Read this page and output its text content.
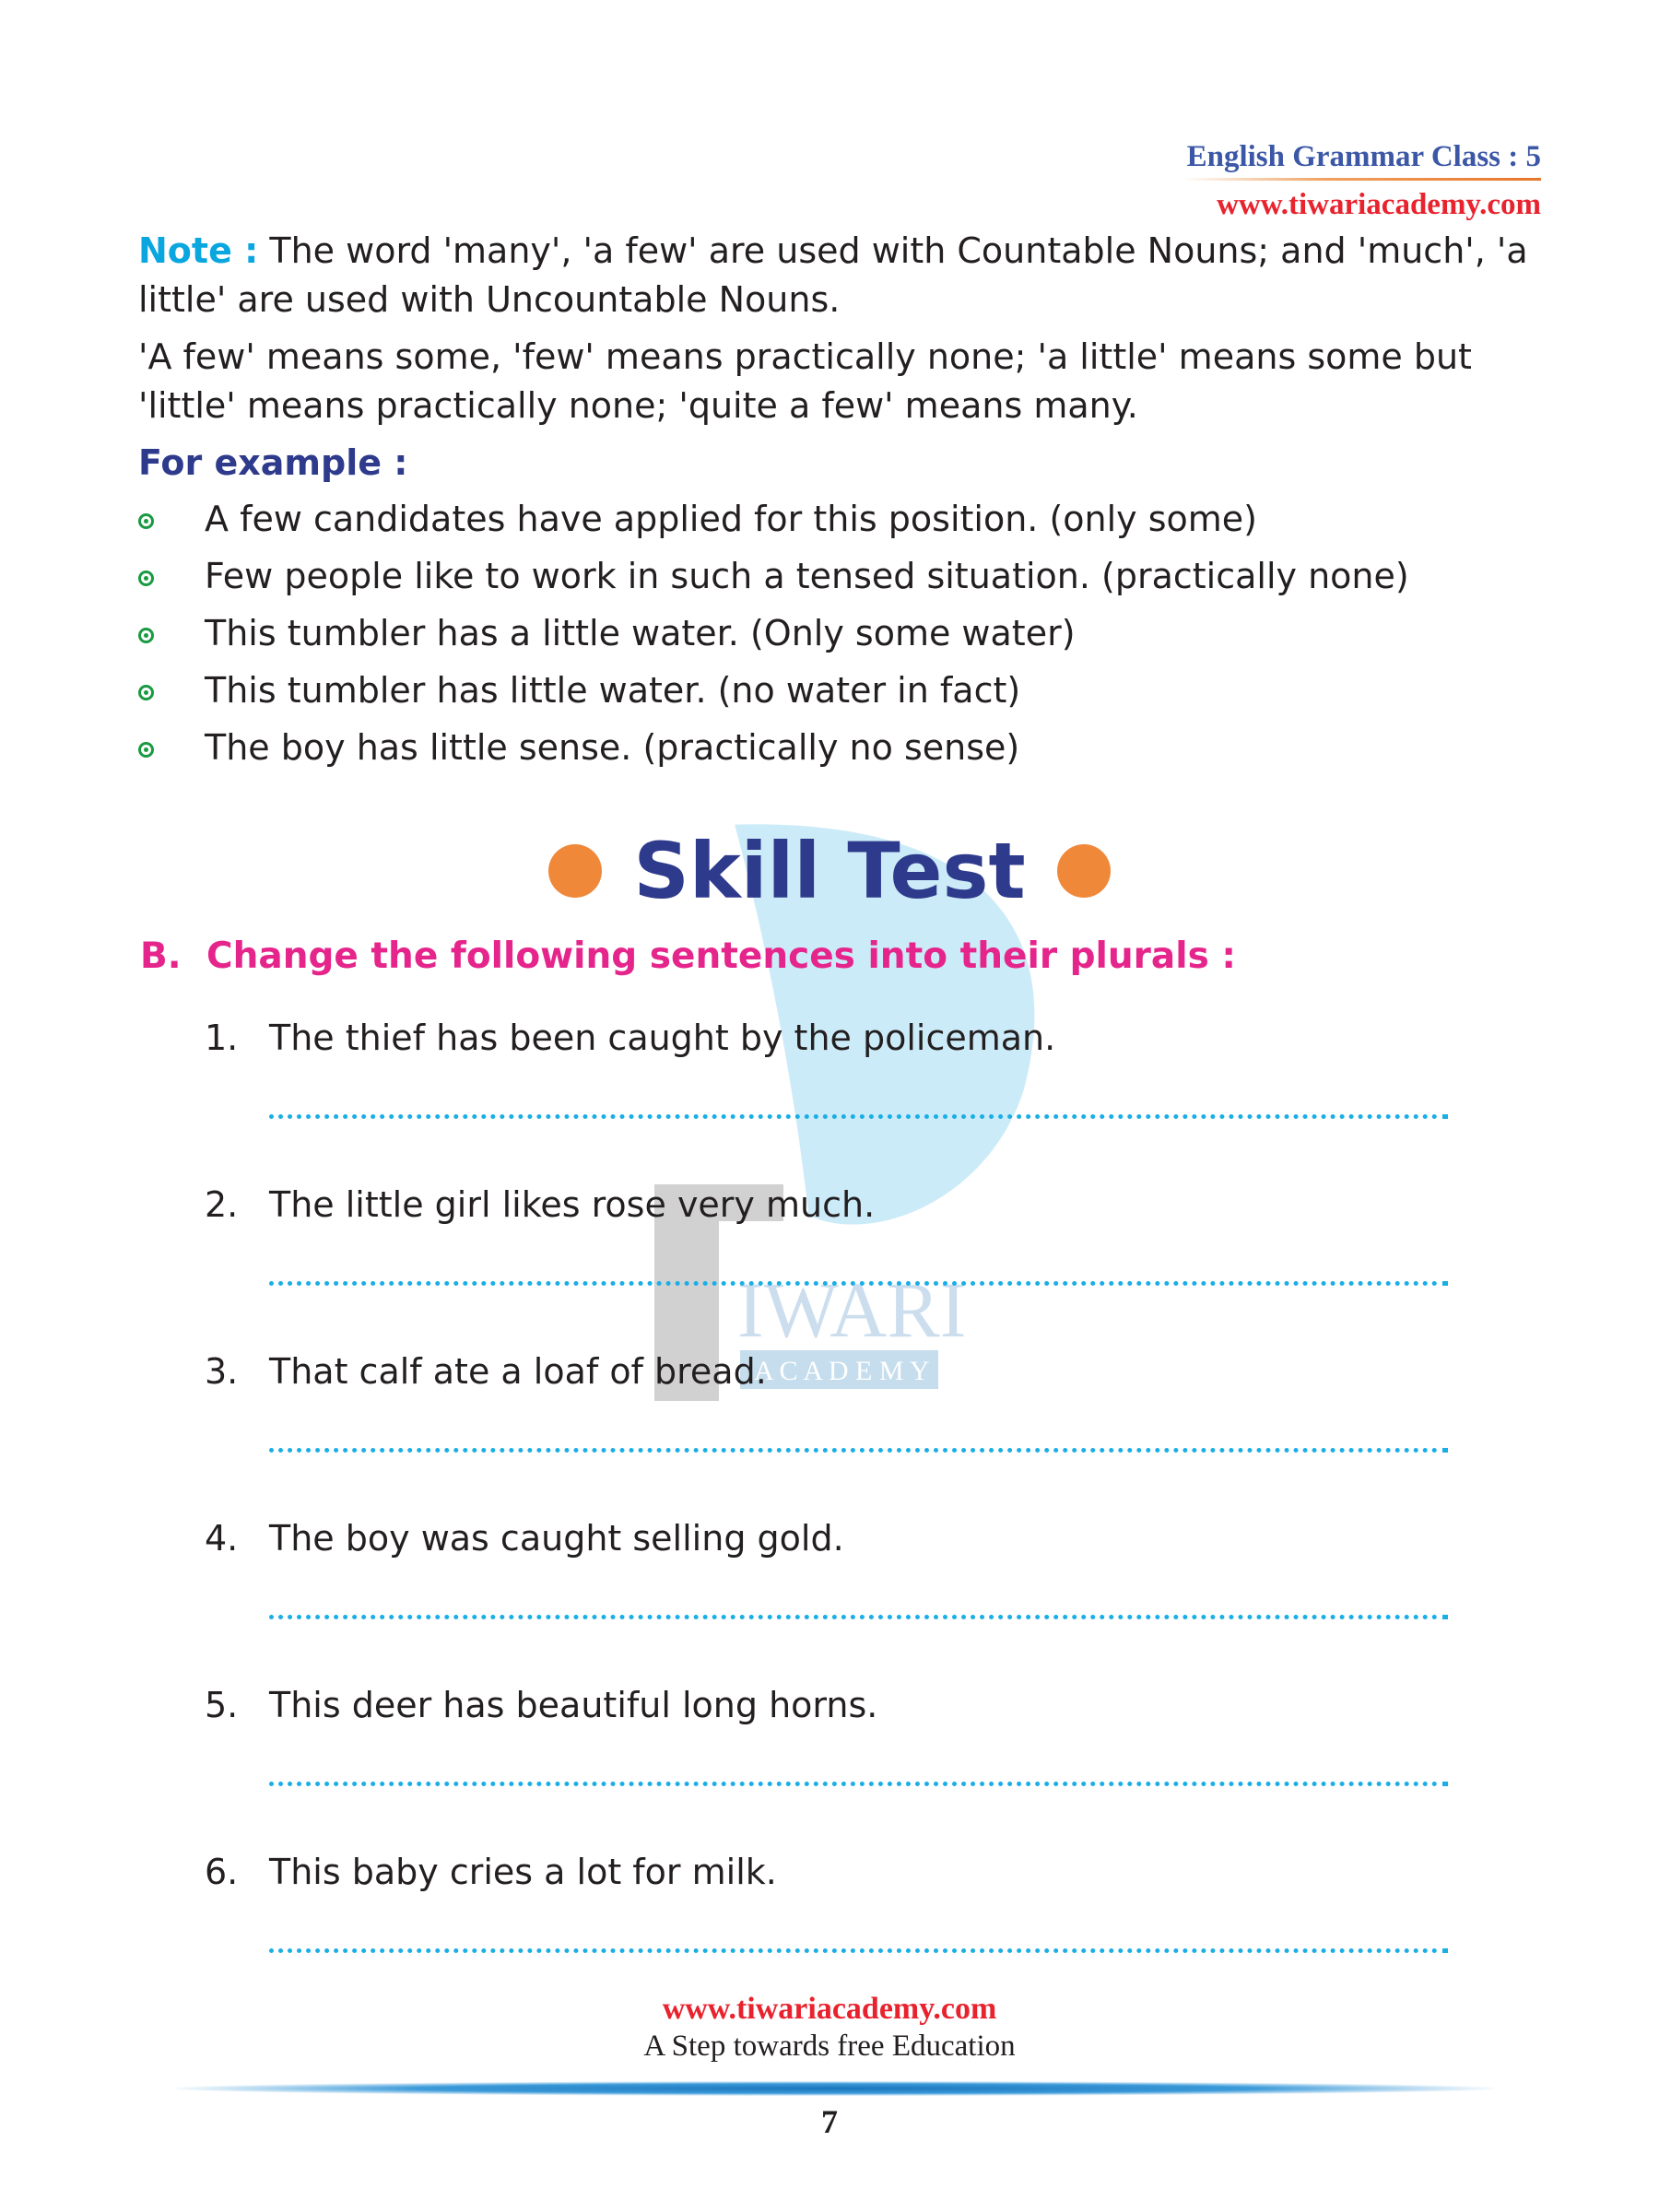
English Grammar Class : 5
www.tiwariacademy.com
IWARI
A C A D E M Y

Note : The word 'many', 'a few' are used with Countable Nouns; and 'much', 'a little' are used with Uncountable Nouns.

'A few' means some, 'few' means practically none; 'a little' means some but 'little' means practically none; 'quite a few' means many.

For example :
A few candidates have applied for this position. (only some)
Few people like to work in such a tensed situation. (practically none)
This tumbler has a little water. (Only some water)
This tumbler has little water. (no water in fact)
The boy has little sense. (practically no sense)
Skill Test
B. Change the following sentences into their plurals :
1. The thief has been caught by the policeman.
2. The little girl likes rose very much.
3. That calf ate a loaf of bread.
4. The boy was caught selling gold.
5. This deer has beautiful long horns.
6. This baby cries a lot for milk.
www.tiwariacademy.com
A Step towards free Education
7
